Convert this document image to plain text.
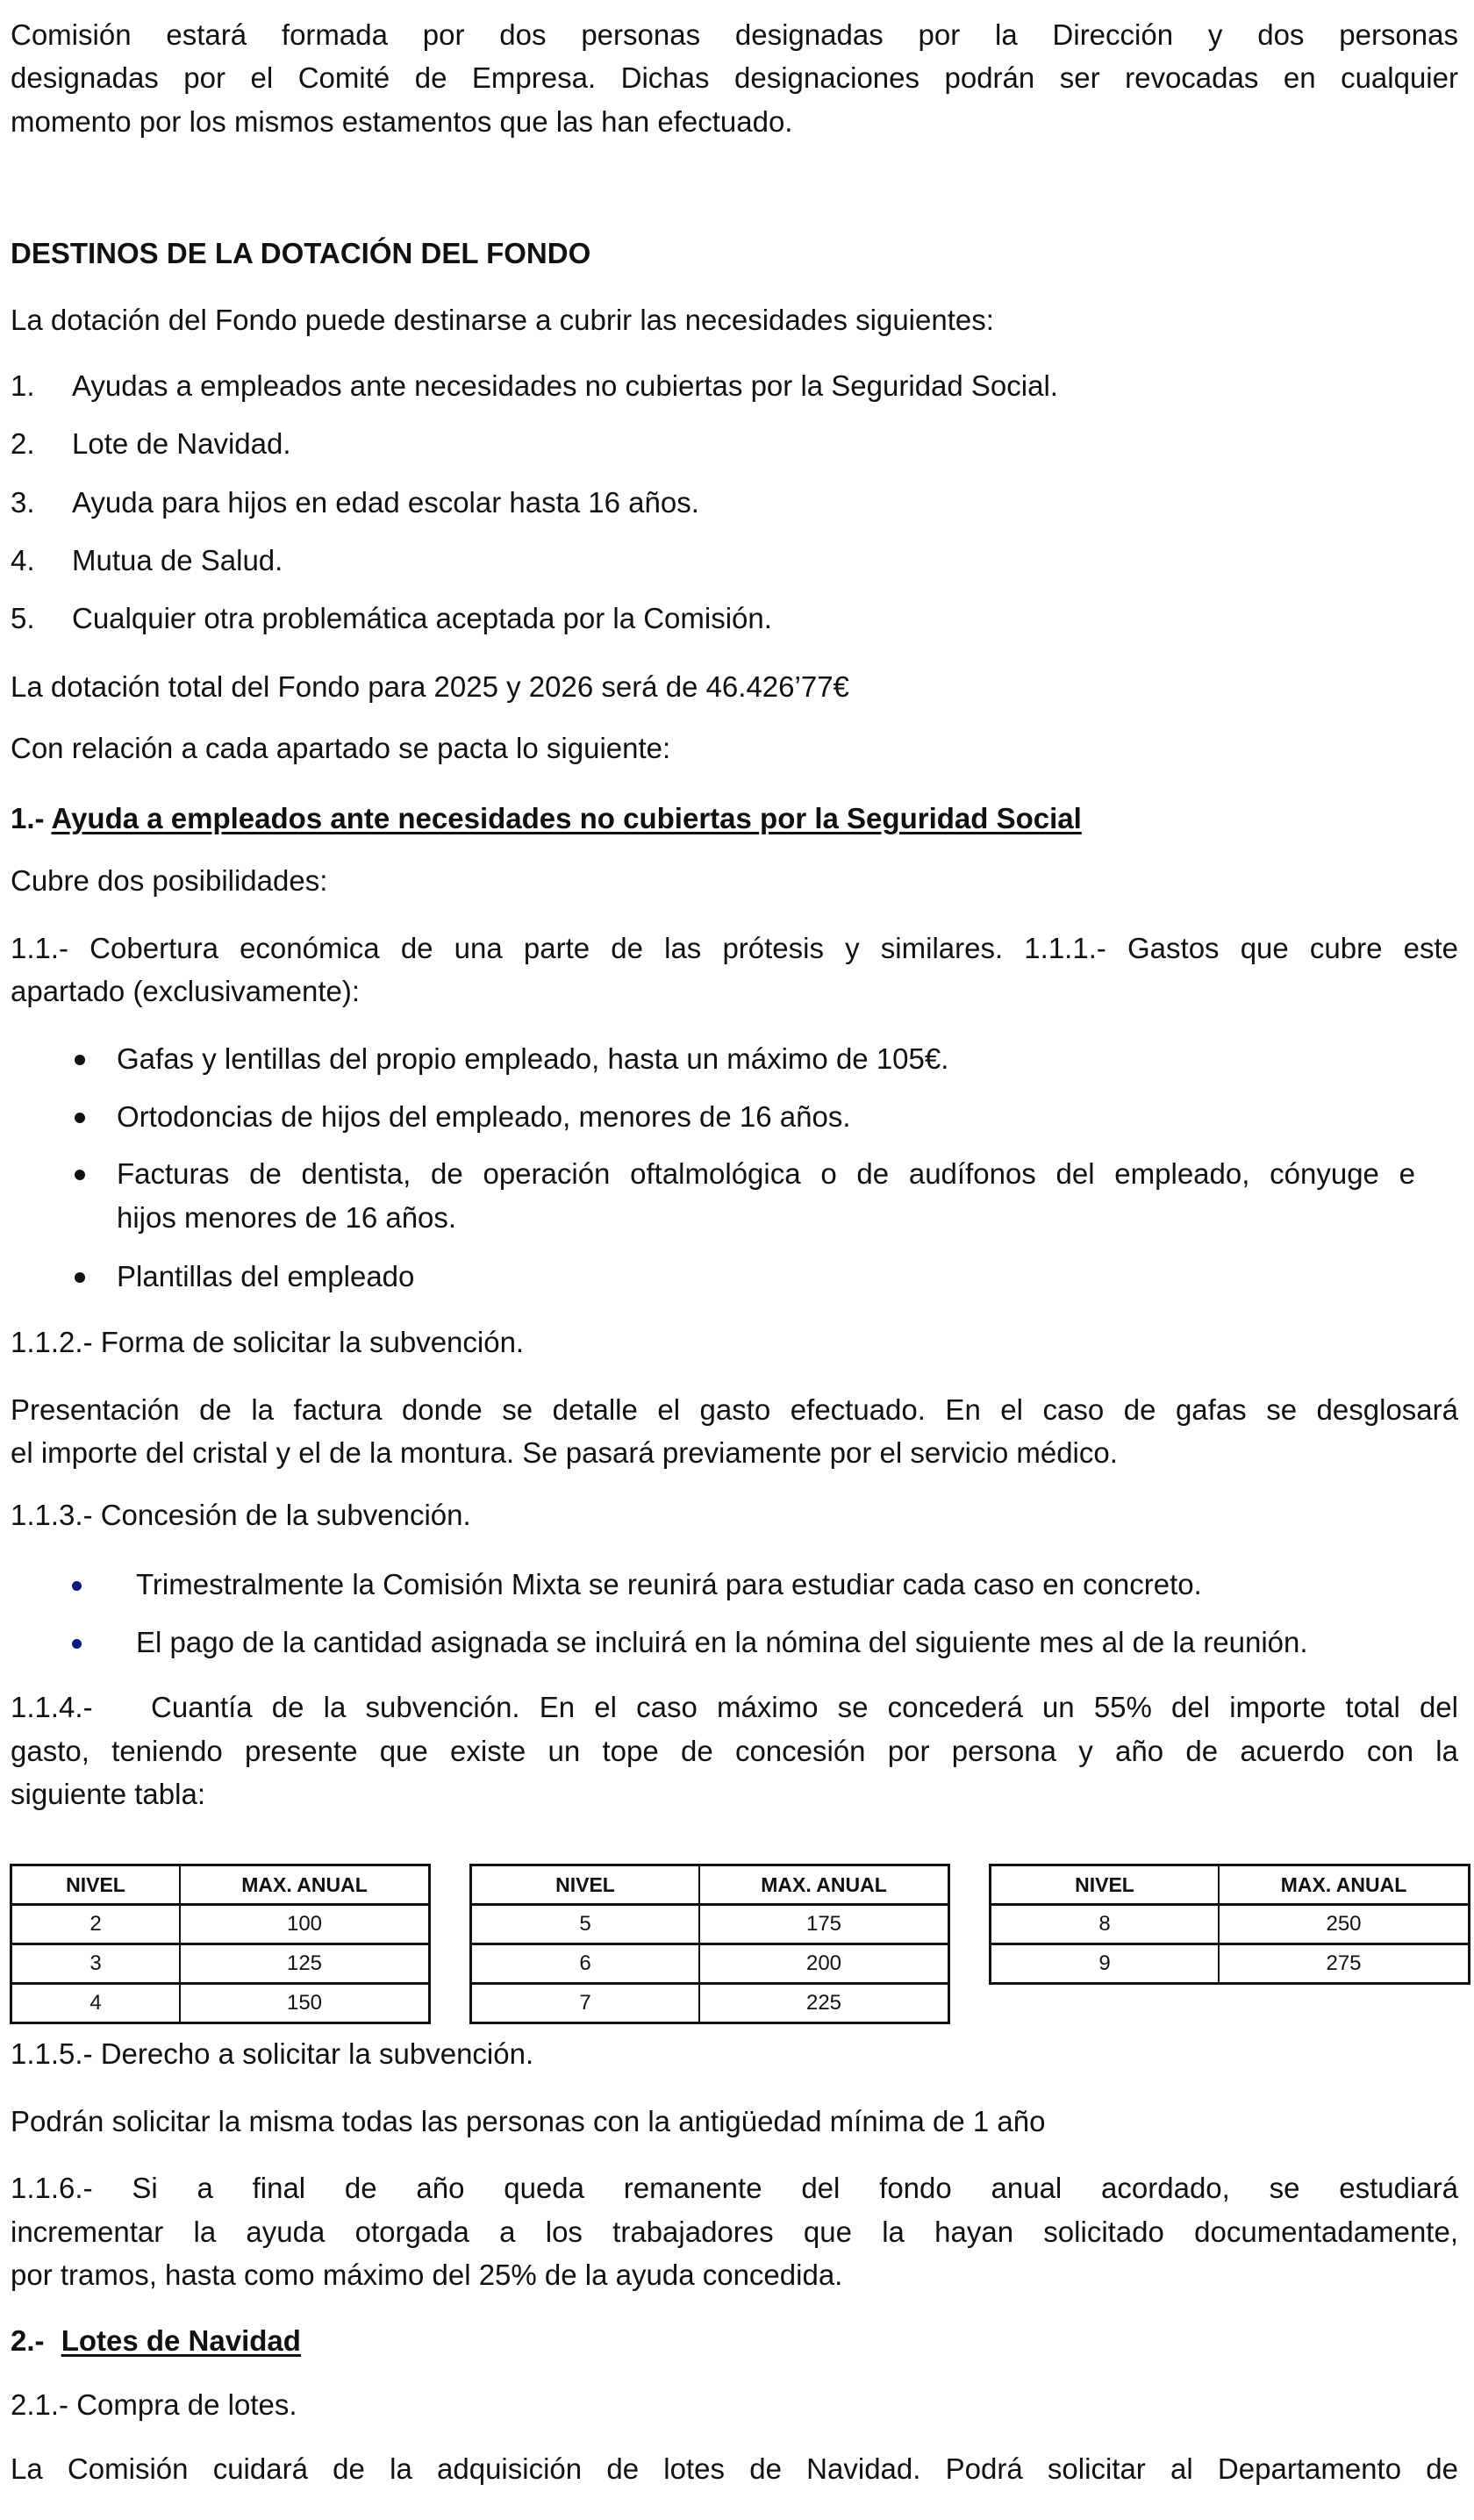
Comisión estará formada por dos personas designadas por la Dirección y dos personas
designadas por el Comité de Empresa. Dichas designaciones podrán ser revocadas en cualquier
momento por los mismos estamentos que las han efectuado.
DESTINOS DE LA DOTACIÓN DEL FONDO
La dotación del Fondo puede destinarse a cubrir las necesidades siguientes:
1. Ayudas a empleados ante necesidades no cubiertas por la Seguridad Social.
2. Lote de Navidad.
3. Ayuda para hijos en edad escolar hasta 16 años.
4. Mutua de Salud.
5. Cualquier otra problemática aceptada por la Comisión.
La dotación total del Fondo para 2025 y 2026 será de 46.426’77€
Con relación a cada apartado se pacta lo siguiente:
1.- Ayuda a empleados ante necesidades no cubiertas por la Seguridad Social
Cubre dos posibilidades:
1.1.- Cobertura económica de una parte de las prótesis y similares. 1.1.1.- Gastos que cubre este
apartado (exclusivamente):
Gafas y lentillas del propio empleado, hasta un máximo de 105€.
Ortodoncias de hijos del empleado, menores de 16 años.
Facturas de dentista, de operación oftalmológica o de audífonos del empleado, cónyuge e
hijos menores de 16 años.
Plantillas del empleado
1.1.2.- Forma de solicitar la subvención.
Presentación de la factura donde se detalle el gasto efectuado. En el caso de gafas se desglosará
el importe del cristal y el de la montura. Se pasará previamente por el servicio médico.
1.1.3.- Concesión de la subvención.
Trimestralmente la Comisión Mixta se reunirá para estudiar cada caso en concreto.
El pago de la cantidad asignada se incluirá en la nómina del siguiente mes al de la reunión.
1.1.4.-   Cuantía de la subvención. En el caso máximo se concederá un 55% del importe total del
gasto, teniendo presente que existe un tope de concesión por persona y año de acuerdo con la
siguiente tabla:
NIVEL	MAX. ANUAL
2	100
3	125
4	150
NIVEL	MAX. ANUAL
5	175
6	200
7	225
NIVEL	MAX. ANUAL
8	250
9	275
1.1.5.- Derecho a solicitar la subvención.
Podrán solicitar la misma todas las personas con la antigüedad mínima de 1 año
1.1.6.- Si a final de año queda remanente del fondo anual acordado, se estudiará
incrementar la ayuda otorgada a los trabajadores que la hayan solicitado documentadamente,
por tramos, hasta como máximo del 25% de la ayuda concedida.
2.- Lotes de Navidad
2.1.- Compra de lotes.
La Comisión cuidará de la adquisición de lotes de Navidad. Podrá solicitar al Departamento de
